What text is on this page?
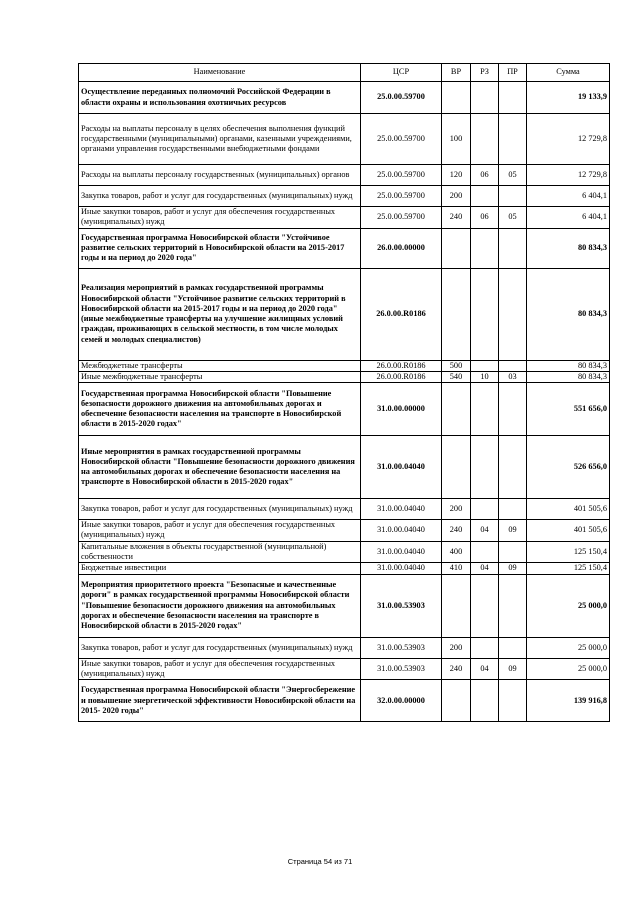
Наименование	ЦСР	ВР	РЗ	ПР	Сумма
Осуществление переданных полномочий Российской Федерации в области охраны и использования охотничьих ресурсов	25.0.00.59700				19 133,9
Расходы на выплаты персоналу в целях обеспечения выполнения функций государственными (муниципальными) органами, казенными учреждениями, органами управления государственными внебюджетными фондами	25.0.00.59700	100			12 729,8
Расходы на выплаты персоналу государственных (муниципальных) органов	25.0.00.59700	120	06	05	12 729,8
Закупка товаров, работ и услуг для государственных (муниципальных) нужд	25.0.00.59700	200			6 404,1
Иные закупки товаров, работ и услуг для обеспечения государственных (муниципальных) нужд	25.0.00.59700	240	06	05	6 404,1
Государственная программа Новосибирской области "Устойчивое развитие сельских территорий в Новосибирской области на 2015-2017 годы и на период до 2020 года"	26.0.00.00000				80 834,3
Реализация мероприятий в рамках государственной программы Новосибирской области "Устойчивое развитие сельских территорий в Новосибирской области на 2015-2017 годы и на период до 2020 года" (иные межбюджетные трансферты на улучшение жилищных условий граждан, проживающих в сельской местности, в том числе молодых семей и молодых специалистов)	26.0.00.R0186				80 834,3
Межбюджетные трансферты	26.0.00.R0186	500			80 834,3
Иные межбюджетные трансферты	26.0.00.R0186	540	10	03	80 834,3
Государственная программа Новосибирской области "Повышение безопасности дорожного движения на автомобильных дорогах и обеспечение безопасности населения на транспорте в Новосибирской области в 2015-2020 годах"	31.0.00.00000				551 656,0
Иные мероприятия в рамках государственной программы Новосибирской области "Повышение безопасности дорожного движения на автомобильных дорогах и обеспечение безопасности населения на транспорте в Новосибирской области в 2015-2020 годах"	31.0.00.04040				526 656,0
Закупка товаров, работ и услуг для государственных (муниципальных) нужд	31.0.00.04040	200			401 505,6
Иные закупки товаров, работ и услуг для обеспечения государственных (муниципальных) нужд	31.0.00.04040	240	04	09	401 505,6
Капитальные вложения в объекты государственной (муниципальной) собственности	31.0.00.04040	400			125 150,4
Бюджетные инвестиции	31.0.00.04040	410	04	09	125 150,4
Мероприятия приоритетного проекта "Безопасные и качественные дороги" в рамках государственной программы Новосибирской области "Повышение безопасности дорожного движения на автомобильных дорогах и обеспечение безопасности населения на транспорте в Новосибирской области в 2015-2020 годах"	31.0.00.53903				25 000,0
Закупка товаров, работ и услуг для государственных (муниципальных) нужд	31.0.00.53903	200			25 000,0
Иные закупки товаров, работ и услуг для обеспечения государственных (муниципальных) нужд	31.0.00.53903	240	04	09	25 000,0
Государственная программа Новосибирской области "Энергосбережение и повышение энергетической эффективности Новосибирской области на 2015- 2020 годы"	32.0.00.00000				139 916,8
Страница 54 из 71
